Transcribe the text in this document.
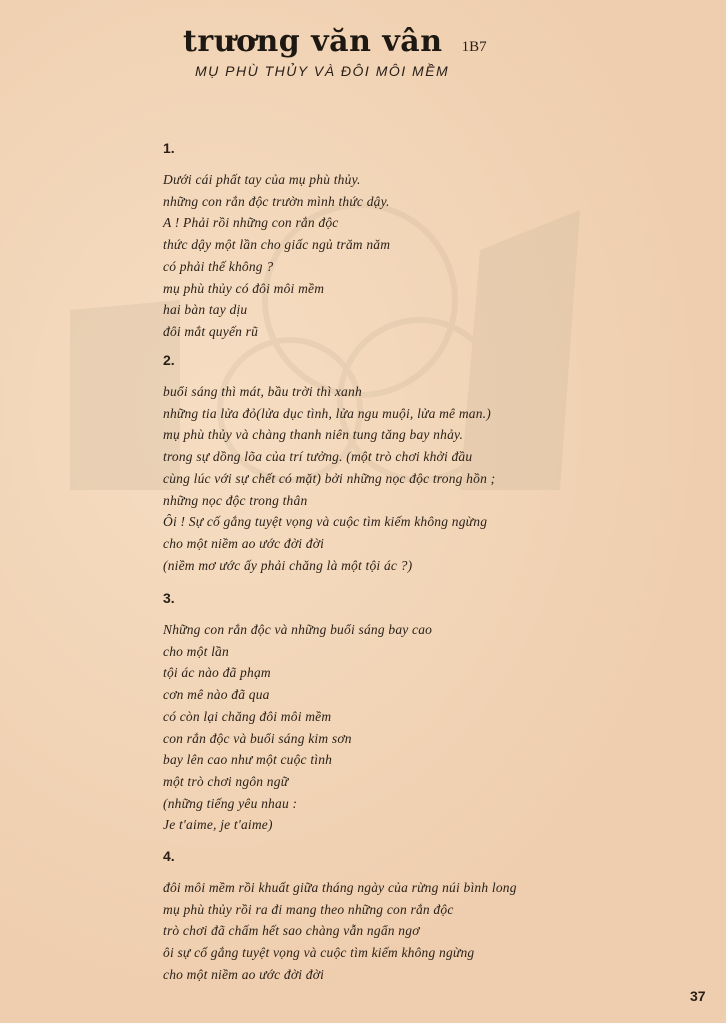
trương văn vân 1B7
MỤ PHÙ THỦY VÀ ĐÔI MÔI MỀM
1.
Dưới cái phất tay của mụ phù thủy.
những con rắn độc trườn mình thức dậy.
A ! Phải rồi những con rắn độc
thức dậy một lần cho giấc ngủ trăm năm
có phải thế không ?
mụ phù thủy có đôi môi mềm
hai bàn tay dịu
đôi mắt quyến rũ
2.
buổi sáng thì mát, bầu trời thì xanh
những tia lửa đỏ(lửa dục tình, lửa ngu muội, lửa mê man.)
mụ phù thủy và chàng thanh niên tung tăng bay nhảy.
trong sự dồng lõa của trí tưởng. (một trò chơi khởi đầu
cùng lúc với sự chết có mặt) bởi những nọc độc trong hồn ;
những nọc độc trong thân
Ôi ! Sự cố gắng tuyệt vọng và cuộc tìm kiếm không ngừng
cho một niềm ao ước đời đời
(niềm mơ ước ấy phải chăng là một tội ác ?)
3.
Những con rắn độc và những buổi sáng bay cao
cho một lần
tội ác nào đã phạm
cơn mê nào đã qua
có còn lại chăng đôi môi mềm
con rắn độc và buổi sáng kim sơn
bay lên cao như một cuộc tình
một trò chơi ngôn ngữ
(những tiếng yêu nhau :
Je t'aime, je t'aime)
4.
đôi môi mềm rồi khuất giữa tháng ngày của rừng núi bình long
mụ phù thủy rồi ra đi mang theo những con rắn độc
trò chơi đã chấm hết sao chàng vẫn ngẩn ngơ
ôi sự cố gắng tuyệt vọng và cuộc tìm kiếm không ngừng
cho một niềm ao ước đời đời
37
